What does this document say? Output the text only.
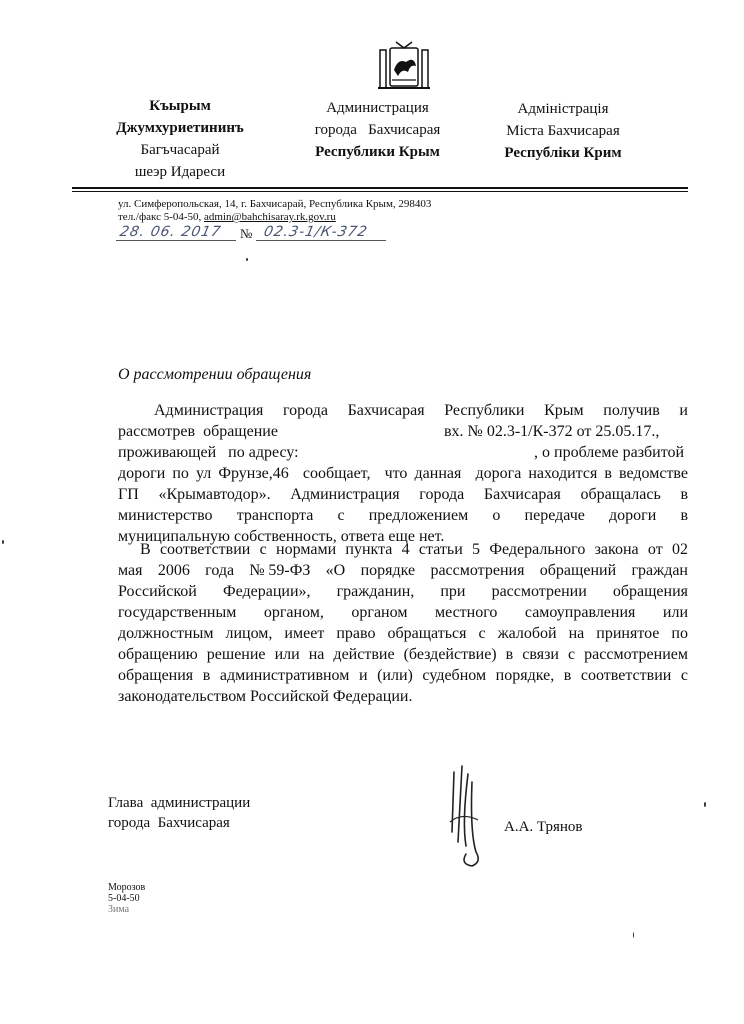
Къырым
Джумхуриетининъ
Багъчасарай
шеэр Идареси
Администрация
города   Бахчисарая
Республики Крым
Адміністрація
Міста Бахчисарая
Республіки Крим
ул. Симферопольская, 14, г. Бахчисарай, Республика Крым, 298403
тел./факс 5-04-50, admin@bahchisaray.rk.gov.ru
28. 06. 2017 № 02.3-1/К-372
О рассмотрении обращения
Администрация  города  Бахчисарая  Республики  Крым  получив  и
рассмотрев  обращение	вх. № 02.3-1/К-372 от 25.05.17.,
проживающей   по адресу:	, о проблеме разбитой
дороги по ул Фрунзе,46  сообщает,  что данная  дорога находится в ведомстве
ГП  «Крымавтодор».  Администрация  города  Бахчисарая  обращалась  в
министерство  транспорта  с  предложением  о  передаче  дороги  в
муниципальную собственность, ответа еще нет.
В соответствии с нормами пункта 4 статьи 5 Федерального закона от 02
мая  2006  года  №59-ФЗ  «О  порядке  рассмотрения  обращений  граждан
Российской  Федерации»,  гражданин,  при  рассмотрении  обращения
государственным  органом,  органом  местного  самоуправления  или
должностным лицом, имеет право обращаться с жалобой на принятое по
обращению решение или на действие (бездействие) в связи с рассмотрением
обращения в административном и (или) судебном порядке, в соответствии с
законодательством Российской Федерации.
Глава  администрации
города  Бахчисарая	А.А. Трянов
Морозов
5-04-50
Зима
